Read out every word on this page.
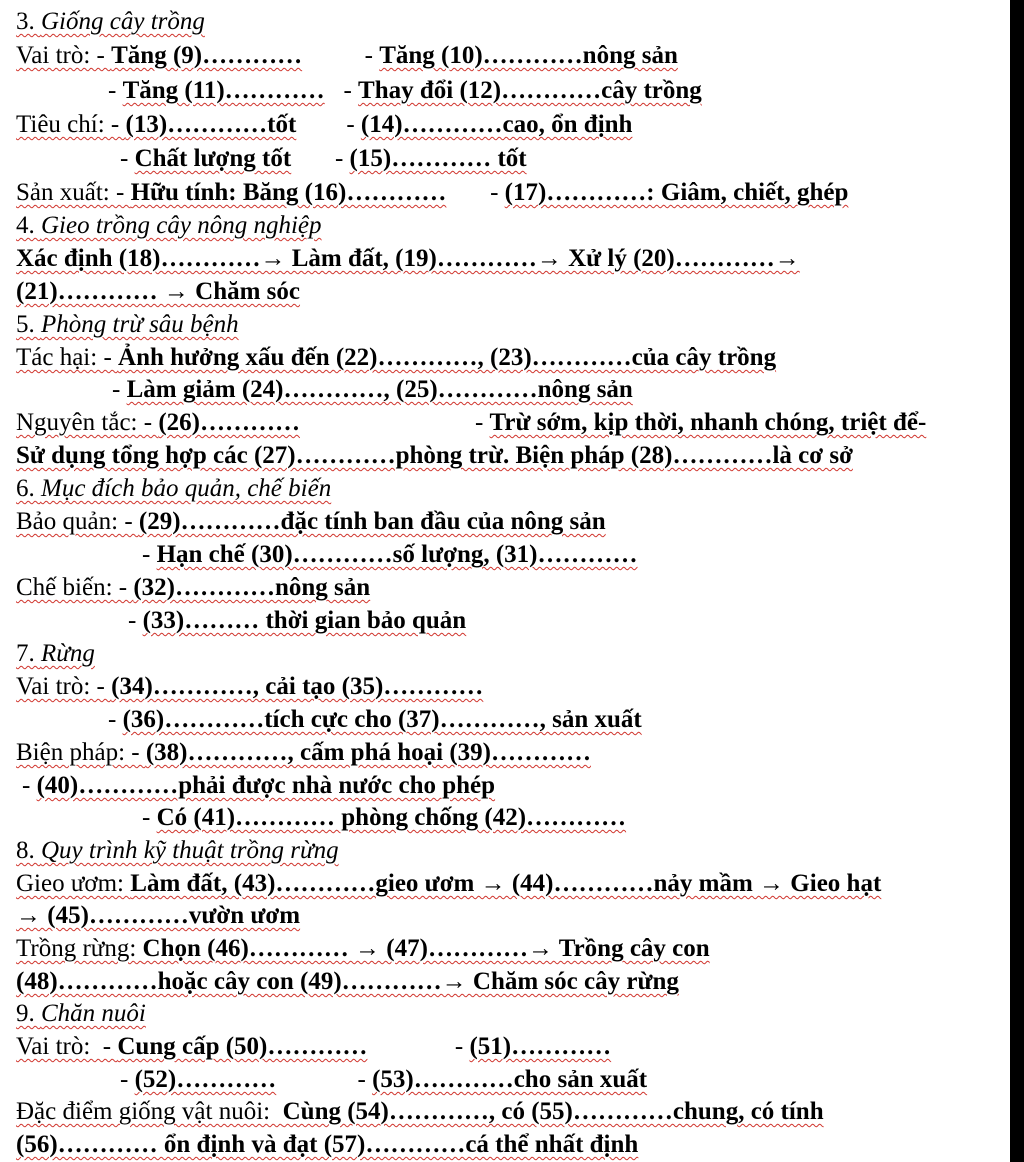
3. Giống cây trồng
Vai trò: - Tăng (9)…………          - Tăng (10)…………nông sản
- Tăng (11)…………   - Thay đổi (12)…………cây trồng
Tiêu chí: - (13)…………tốt        - (14)…………cao, ổn định
- Chất lượng tốt       - (15)………… tốt
Sản xuất: - Hữu tính: Băng (16)…………       - (17)…………: Giâm, chiết, ghép
4. Gieo trồng cây nông nghiệp
Xác định (18)…………→ Làm đất, (19)…………→ Xử lý (20)…………→
(21)………… → Chăm sóc
5. Phòng trừ sâu bệnh
Tác hại: - Ảnh hưởng xấu đến (22)…………, (23)…………của cây trồng
- Làm giảm (24)…………, (25)…………nông sản
Nguyên tắc: - (26)…………                            - Trừ sớm, kịp thời, nhanh chóng, triệt để-
Sử dụng tổng hợp các (27)…………phòng trừ. Biện pháp (28)…………là cơ sở
6. Mục đích bảo quản, chế biến
Bảo quản: - (29)…………đặc tính ban đầu của nông sản
- Hạn chế (30)…………số lượng, (31)…………
Chế biến: - (32)…………nông sản
- (33)……… thời gian bảo quản
7. Rừng
Vai trò: - (34)…………, cải tạo (35)…………
- (36)…………tích cực cho (37)…………, sản xuất
Biện pháp: - (38)…………, cấm phá hoại (39)…………
- (40)…………phải được nhà nước cho phép
- Có (41)………… phòng chống (42)…………
8. Quy trình kỹ thuật trồng rừng
Gieo ươm: Làm đất, (43)…………gieo ươm → (44)…………nảy mầm → Gieo hạt
→ (45)…………vườn ươm
Trồng rừng: Chọn (46)………… → (47)…………→ Trồng cây con
(48)…………hoặc cây con (49)…………→ Chăm sóc cây rừng
9. Chăn nuôi
Vai trò:  - Cung cấp (50)…………              - (51)…………
- (52)…………             - (53)…………cho sản xuất
Đặc điểm giống vật nuôi:  Cùng (54)…………, có (55)…………chung, có tính
(56)………… ổn định và đạt (57)…………cá thể nhất định
